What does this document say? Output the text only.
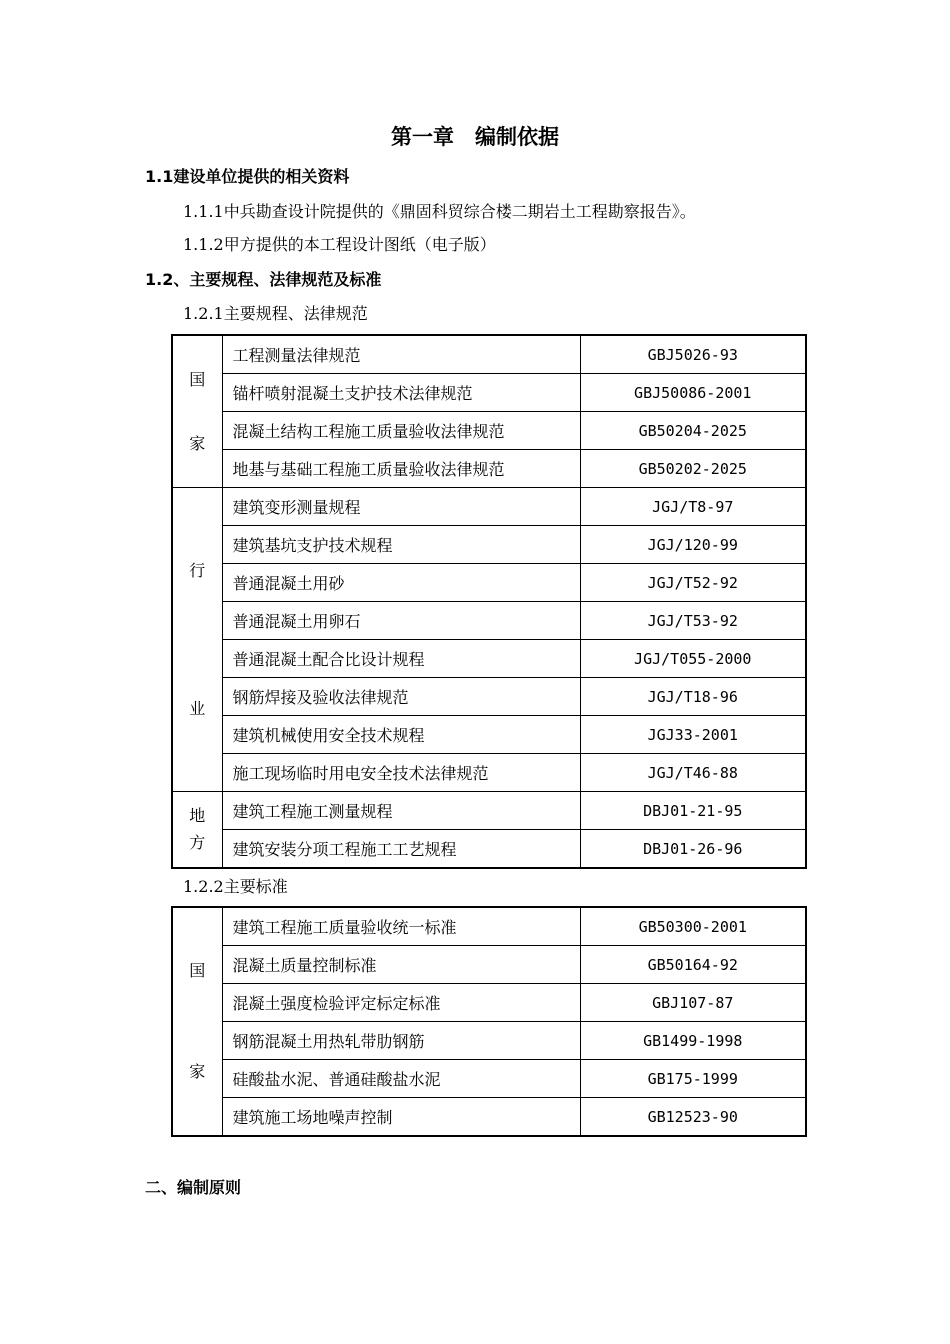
第一章　编制依据
1.1建设单位提供的相关资料
1.1.1中兵勘查设计院提供的《鼎固科贸综合楼二期岩土工程勘察报告》。
1.1.2甲方提供的本工程设计图纸（电子版）
1.2、主要规程、法律规范及标准
1.2.1主要规程、法律规范
国
家	工程测量法律规范	GBJ5026-93
	锚杆喷射混凝土支护技术法律规范	GBJ50086-2001
	混凝土结构工程施工质量验收法律规范	GB50204-2025
	地基与基础工程施工质量验收法律规范	GB50202-2025

行
业	建筑变形测量规程	JGJ/T8-97
	建筑基坑支护技术规程	JGJ/120-99
	普通混凝土用砂	JGJ/T52-92
	普通混凝土用卵石	JGJ/T53-92
	普通混凝土配合比设计规程	JGJ/T055-2000
	钢筋焊接及验收法律规范	JGJ/T18-96
	建筑机械使用安全技术规程	JGJ33-2001
	施工现场临时用电安全技术法律规范	JGJ/T46-88

地
方	建筑工程施工测量规程	DBJ01-21-95
	建筑安装分项工程施工工艺规程	DBJ01-26-96
1.2.2主要标准
国
家	建筑工程施工质量验收统一标准	GB50300-2001
	混凝土质量控制标准	GB50164-92
	混凝土强度检验评定标定标准	GBJ107-87
	钢筋混凝土用热轧带肋钢筋	GB1499-1998
	硅酸盐水泥、普通硅酸盐水泥	GB175-1999
	建筑施工场地噪声控制	GB12523-90
二、编制原则
